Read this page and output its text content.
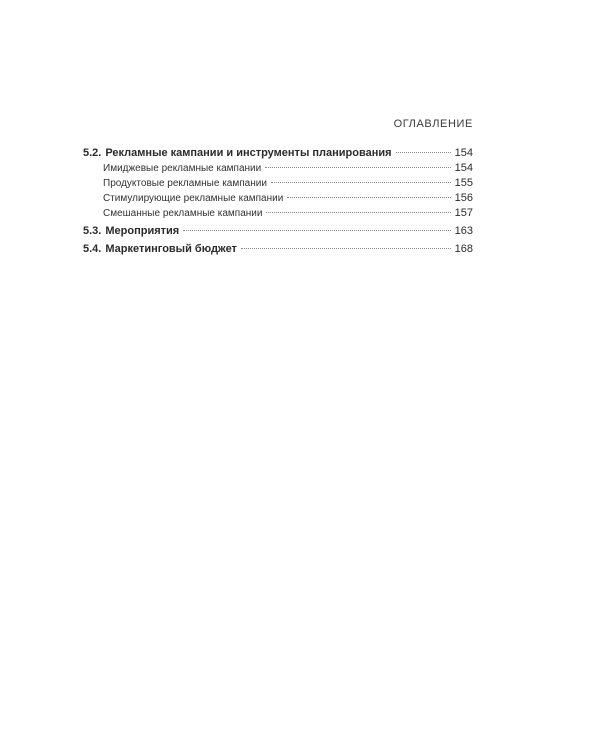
ОГЛАВЛЕНИЕ
5.2. Рекламные кампании и инструменты планирования	154
Имиджевые рекламные кампании	154
Продуктовые рекламные кампании	155
Стимулирующие рекламные кампании	156
Смешанные рекламные кампании	157
5.3. Мероприятия	163
5.4. Маркетинговый бюджет	168
